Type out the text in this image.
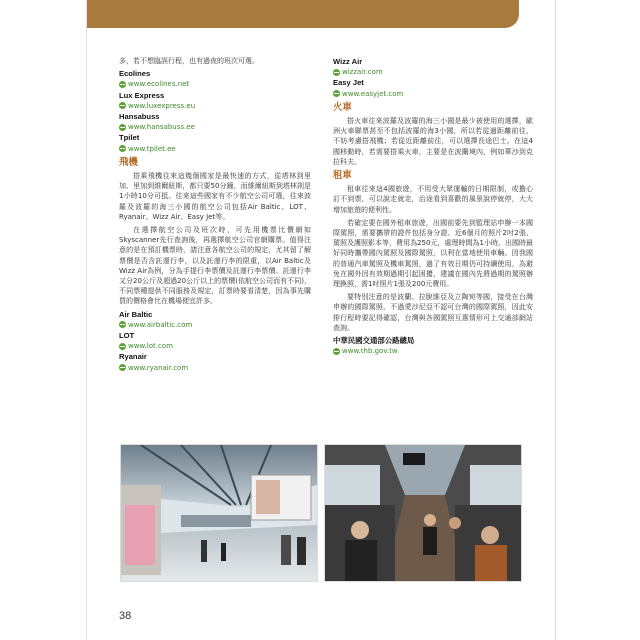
多，若不想臨誤行程，也有過夜的班次可選。

Ecolines
www.ecolines.net
Lux Express
www.luxexpress.eu
Hansabuss
www.hansabuss.ee
Tpilet
www.tpilet.ee
飛機

搭乘飛機往來這幾個國家是最快速的方式，從塔林到里加、里加到維爾紐斯，都只要50分鐘，而維爾紐斯到塔林則是1小時10分可抵。往來這些國家有不少航空公司可選，往來波羅及波羅的海三小國的航空公司包括Air Baltic、LOT、Ryanair、Wizz Air、Easy Jet等。

在選擇航空公司及班次時，可先用機票比價網如Skyscanner先行查詢後，再選擇航空公司官網購票。值得注意的是在預訂機票時，請注意各航空公司的規定，尤其留了解票價是否含託運行李，以及託運行李的限重，以Air Baltic及Wizz Air為例，分為手提行李票價及託運行李票價。託運行李又分20公斤及超過20公斤以上的票價(依航空公司而有不同)，不同票種提供不同服務及規定，訂票時要看清楚，因為事先購買的價格會比在機場便宜許多。

Air Baltic
www.airbaltic.com
LOT
www.lot.com
Ryanair
www.ryanair.com
Wizz Air
wizzair.com
Easy Jet
www.easyjet.com
火車

搭火車往來波羅及波羅的海三小國是最少被使用的選擇，歐洲火車聯票甚至不包括波羅的海3小國，所以若從過距離前往，不妨考慮搭飛機；若從近距離前往，可以選擇長途巴士。在這4國移動時，若需要搭乘火車，主要是在波蘭境內，例如華沙到克拉科夫。

租車

租車往來這4國旅遊，不用受大眾運輸的日期限制，或擔心訂不到票，可以說走就走，治途看到喜歡的風景說停就停，大大增加旅遊的便利性。

若確定要在國外租車旅遊，出國前要先到監理站申辦一本國際駕照，需要攜帶的證件包括身分證、近6個月的照片2吋2張、駕照及護照影本等，費用為250元，處理時間為1小時。出國時最好同時攜帶國內駕照及國際駕照，以利在當地使用車輛。因我國的普通汽車駕照及機車駕照，過了有效日期仍可持續使用，為避免在國外因有效期過期引起困擾，建議在國內先將過期的駕照辦理換照，需1吋照片1張及200元費用。

要特別注意的是波蘭、拉脫維亞及立陶宛等國，接受在台灣申辦的國際駕照，不過愛沙尼亞不認可台灣的國際駕照，因此安排行程時要記得確認，台灣與各國駕照互惠情形可上交通部網站查詢。

中華民國交通部公路總局
www.thb.gov.tw
38
